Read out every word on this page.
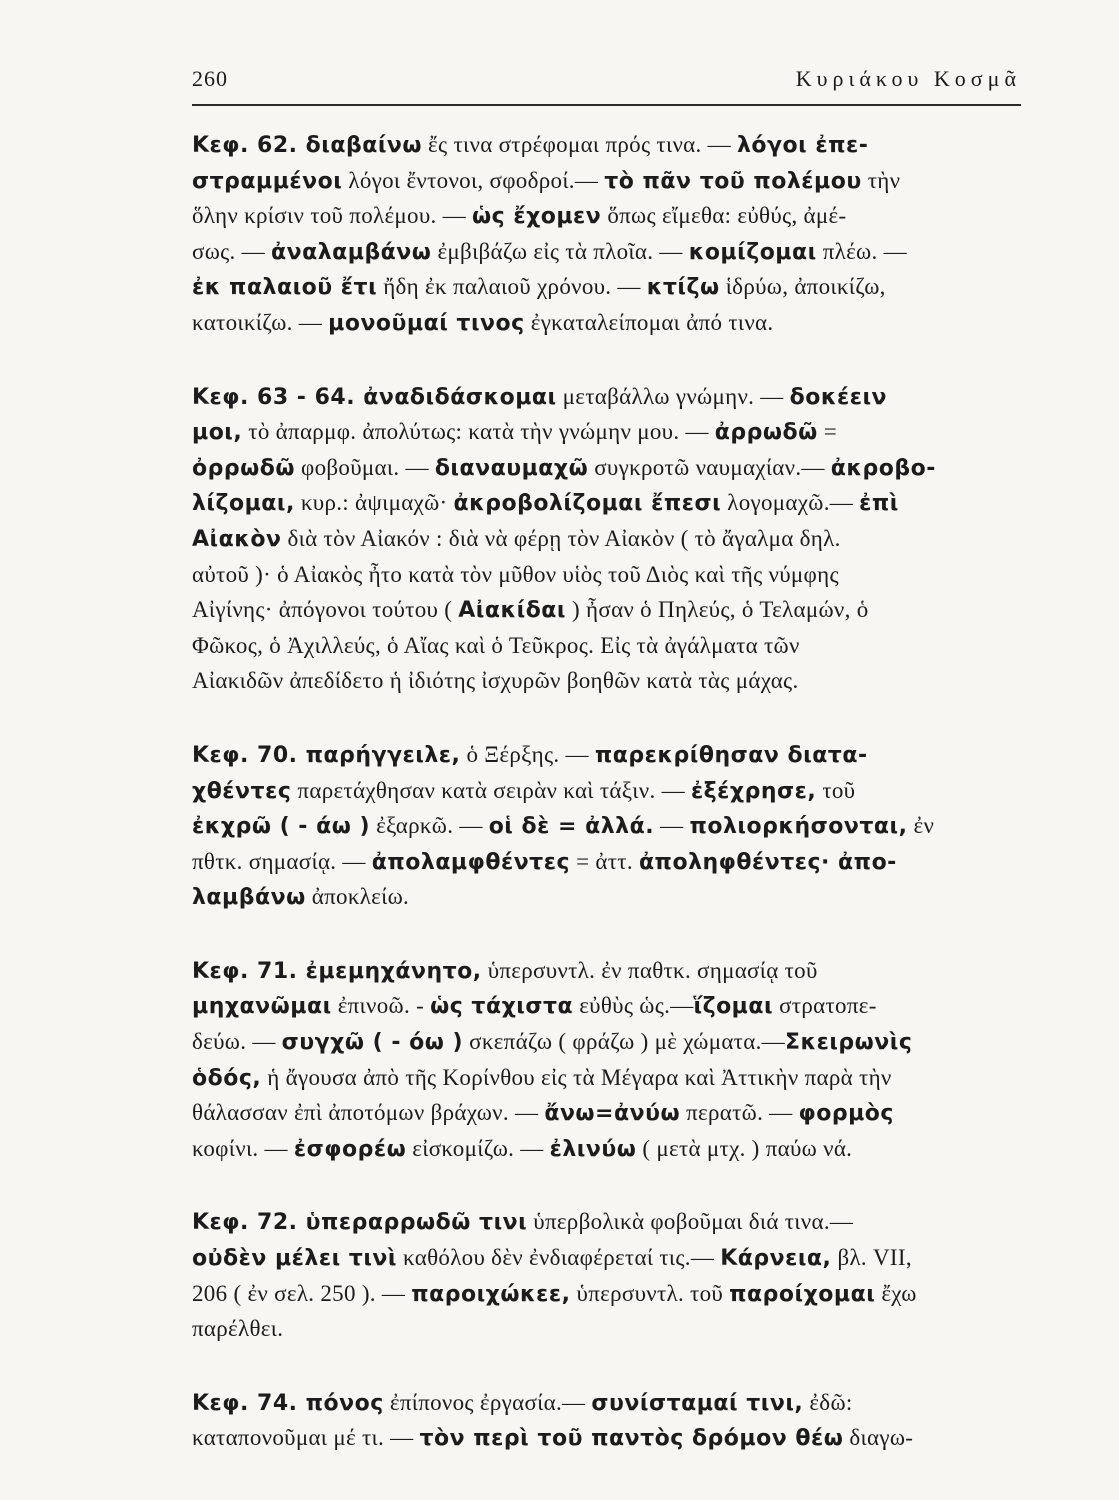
260	Κυριάκου Κοσμᾶ
Κεφ. 62. διαβαίνω ἔς τινα στρέφομαι πρός τινα. — λόγοι ἐπε-
στραμμένοι λόγοι ἔντονοι, σφοδροί.— τὸ πᾶν τοῦ πολέμου τὴν
ὅλην κρίσιν τοῦ πολέμου. — ὡς ἔχομεν ὅπως εἴμεθα: εὐθύς, ἀμέ-
σως. — ἀναλαμβάνω ἐμβιβάζω εἰς τὰ πλοῖα. — κομίζομαι πλέω. —
ἐκ παλαιοῦ ἔτι ἤδη ἐκ παλαιοῦ χρόνου. — κτίζω ἱδρύω, ἀποικίζω,
κατοικίζω. — μονοῦμαί τινος ἐγκαταλείπομαι ἀπό τινα.
Κεφ. 63 - 64. ἀναδιδάσκομαι μεταβάλλω γνώμην. — δοκέειν
μοι, τὸ ἀπαρμφ. ἀπολύτως: κατὰ τὴν γνώμην μου. — ἀρρωδῶ =
ὀρρωδῶ φοβοῦμαι. — διαναυμαχῶ συγκροτῶ ναυμαχίαν.— ἀκροβο-
λίζομαι, κυρ.: ἀψιμαχῶ· ἀκροβολίζομαι ἔπεσι λογομαχῶ.— ἐπὶ
Αἰακὸν διὰ τὸν Αἰακόν : διὰ νὰ φέρῃ τὸν Αἰακὸν ( τὸ ἄγαλμα δηλ.
αὐτοῦ )· ὁ Αἰακὸς ἦτο κατὰ τὸν μῦθον υἱὸς τοῦ Διὸς καὶ τῆς νύμφης
Αἰγίνης· ἀπόγονοι τούτου ( Αἰακίδαι ) ἦσαν ὁ Πηλεύς, ὁ Τελαμών, ὁ
Φῶκος, ὁ Ἀχιλλεύς, ὁ Αἴας καὶ ὁ Τεῦκρος. Εἰς τὰ ἀγάλματα τῶν
Αἰακιδῶν ἀπεδίδετο ἡ ἰδιότης ἰσχυρῶν βοηθῶν κατὰ τὰς μάχας.
Κεφ. 70. παρήγγειλε, ὁ Ξέρξης. — παρεκρίθησαν διατα-
χθέντες παρετάχθησαν κατὰ σειρὰν καὶ τάξιν. — ἐξέχρησε, τοῦ
ἐκχρῶ ( - άω ) ἐξαρκῶ. — οἱ δὲ = ἀλλά. — πολιορκήσονται, ἐν
πθτκ. σημασίᾳ. — ἀπολαμφθέντες = ἀττ. ἀποληφθέντες· ἀπο-
λαμβάνω ἀποκλείω.
Κεφ. 71. ἐμεμηχάνητο, ὑπερσυντλ. ἐν παθτκ. σημασίᾳ τοῦ
μηχανῶμαι ἐπινοῶ. - ὡς τάχιστα εὐθὺς ὡς.—ἵζομαι στρατοπε-
δεύω. — συγχῶ ( - όω ) σκεπάζω ( φράζω ) μὲ χώματα.—Σκειρωνὶς
ὁδός, ἡ ἄγουσα ἀπὸ τῆς Κορίνθου εἰς τὰ Μέγαρα καὶ Ἀττικὴν παρὰ τὴν
θάλασσαν ἐπὶ ἀποτόμων βράχων. — ἄνω=ἀνύω περατῶ. — φορμὸς
κοφίνι. — ἐσφορέω εἰσκομίζω. — ἐλινύω ( μετὰ μτχ. ) παύω νά.
Κεφ. 72. ὑπεραρρωδῶ τινι ὑπερβολικὰ φοβοῦμαι διά τινα.—
οὐδὲν μέλει τινὶ καθόλου δὲν ἐνδιαφέρεταί τις.— Κάρνεια, βλ. VII,
206 ( ἐν σελ. 250 ). — παροιχώκεε, ὑπερσυντλ. τοῦ παροίχομαι ἔχω
παρέλθει.
Κεφ. 74. πόνος ἐπίπονος ἐργασία.— συνίσταμαί τινι, ἐδῶ:
καταπονοῦμαι μέ τι. — τὸν περὶ τοῦ παντὸς δρόμον θέω διαγω-
